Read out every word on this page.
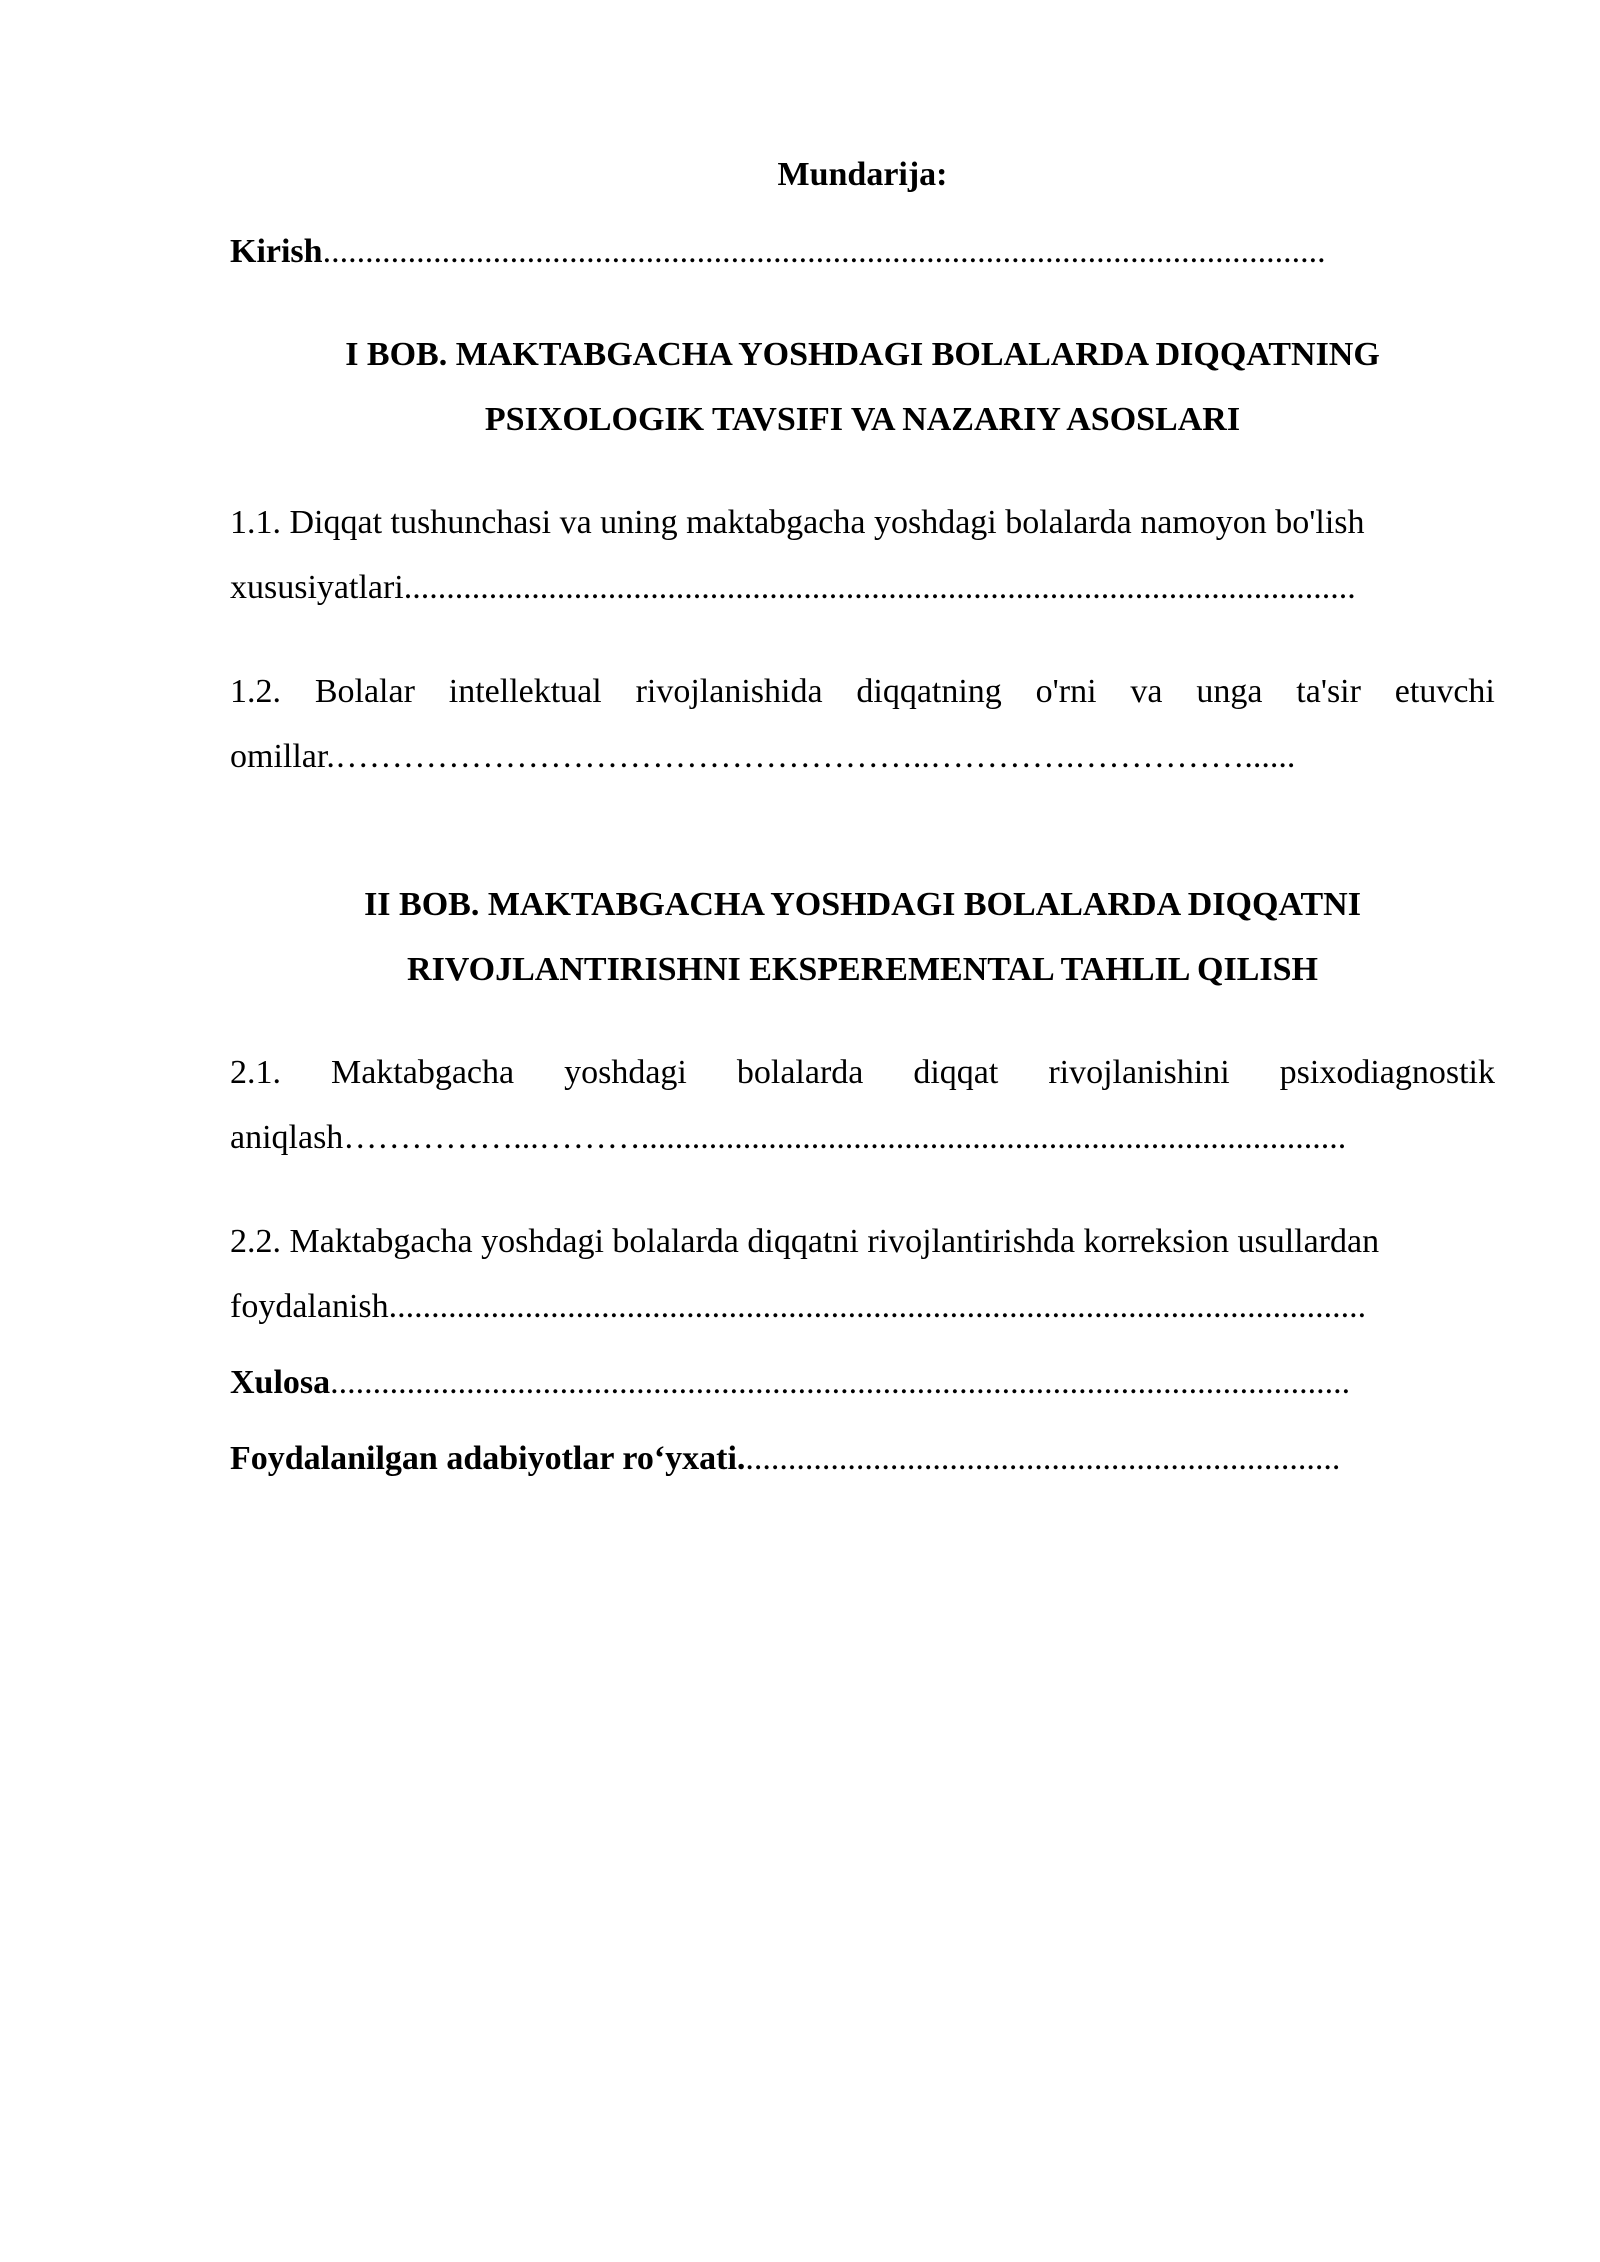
Mundarija:
Kirish......................................................................................................................
I BOB. MAKTABGACHA YOSHDAGI BOLALARDA DIQQATNING
PSIXOLOGIK TAVSIFI VA NAZARIY ASOSLARI
1.1. Diqqat tushunchasi va uning maktabgacha yoshdagi bolalarda namoyon bo'lish
xususiyatlari................................................................................................................
1.2. Bolalar intellektual rivojlanishida diqqatning o'rni va unga ta'sir etuvchi
omillar.……………………………………………..………….……………......
II BOB. MAKTABGACHA YOSHDAGI BOLALARDA DIQQATNI
RIVOJLANTIRISHNI EKSPEREMENTAL TAHLIL QILISH
2.1. Maktabgacha yoshdagi bolalarda diqqat rivojlanishini psixodiagnostik
aniqlash……………...………...................................................................................
2.2. Maktabgacha yoshdagi bolalarda diqqatni rivojlantirishda korreksion usullardan
foydalanish...................................................................................................................
Xulosa........................................................................................................................
Foydalanilgan adabiyotlar ro‘yxati.......................................................................
